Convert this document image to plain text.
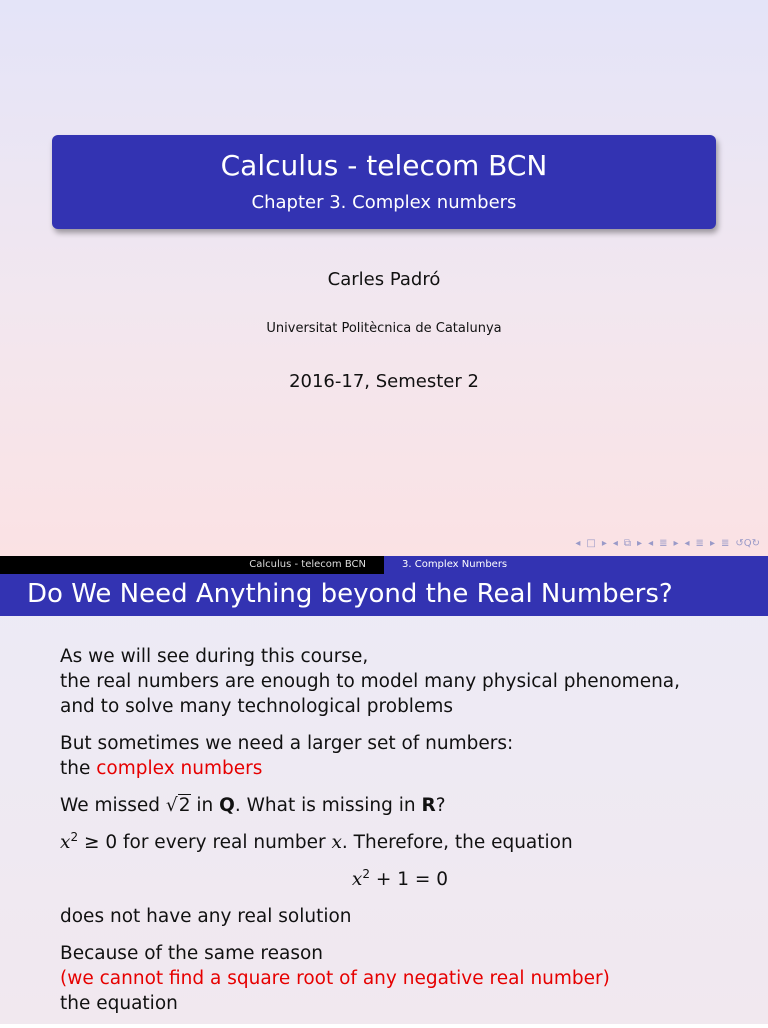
Calculus - telecom BCN
Chapter 3. Complex numbers
Carles Padró
Universitat Politècnica de Catalunya
2016-17, Semester 2
◂ □ ▸ ◂ ⧉ ▸ ◂ ≣ ▸ ◂ ≣ ▸ ≣ ↺Q↻
Calculus - telecom BCN	3. Complex Numbers
Do We Need Anything beyond the Real Numbers?

As we will see during this course,
the real numbers are enough to model many physical phenomena,
and to solve many technological problems

But sometimes we need a larger set of numbers:
the complex numbers

We missed √2 in Q. What is missing in R?

$x^2 \ge 0$ for every real number x. Therefore, the equation

$x^2 + 1 = 0$

does not have any real solution

Because of the same reason
(we cannot find a square root of any negative real number)
the equation
